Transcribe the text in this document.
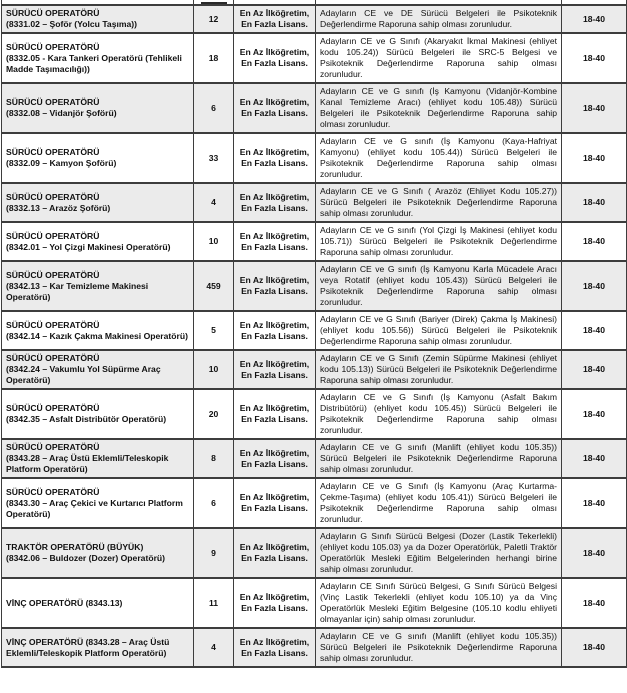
SÜRÜCÜ OPERATÖRÜ
(8331.02 – Şoför (Yolcu Taşıma))	12	En Az İlköğretim, En Fazla Lisans.	Adayların CE ve DE Sürücü Belgeleri ile Psikoteknik Değerlendirme Raporuna sahip olması zorunludur.	18-40

SÜRÜCÜ OPERATÖRÜ
(8332.05 - Kara Tankeri Operatörü (Tehlikeli Madde Taşımacılığı))	18	En Az İlköğretim, En Fazla Lisans.	Adayların CE ve G Sınıfı (Akaryakıt İkmal Makinesi (ehliyet kodu 105.24)) Sürücü Belgeleri ile SRC-5 Belgesi ve Psikoteknik Değerlendirme Raporuna sahip olması zorunludur.	18-40

SÜRÜCÜ OPERATÖRÜ
(8332.08 – Vidanjör Şoförü)	6	En Az İlköğretim, En Fazla Lisans.	Adayların CE ve G sınıfı (İş Kamyonu (Vidanjör-Kombine Kanal Temizleme Aracı) (ehliyet kodu 105.48)) Sürücü Belgeleri ile Psikoteknik Değerlendirme Raporuna sahip olması zorunludur.	18-40

SÜRÜCÜ OPERATÖRÜ
(8332.09 – Kamyon Şoförü)	33	En Az İlköğretim, En Fazla Lisans.	Adayların CE ve G sınıfı (İş Kamyonu (Kaya-Hafriyat Kamyonu) (ehliyet kodu 105.44)) Sürücü Belgeleri ile Psikoteknik Değerlendirme Raporuna sahip olması zorunludur.	18-40

SÜRÜCÜ OPERATÖRÜ
(8332.13 – Arazöz Şoförü)	4	En Az İlköğretim, En Fazla Lisans.	Adayların CE ve G Sınıfı ( Arazöz (Ehliyet Kodu 105.27)) Sürücü Belgeleri ile Psikoteknik Değerlendirme Raporuna sahip olması zorunludur.	18-40

SÜRÜCÜ OPERATÖRÜ
(8342.01 – Yol Çizgi Makinesi Operatörü)	10	En Az İlköğretim, En Fazla Lisans.	Adayların CE ve G sınıfı (Yol Çizgi İş Makinesi (ehliyet kodu 105.71)) Sürücü Belgeleri ile Psikoteknik Değerlendirme Raporuna sahip olması zorunludur.	18-40

SÜRÜCÜ OPERATÖRÜ
(8342.13 – Kar Temizleme Makinesi Operatörü)	459	En Az İlköğretim, En Fazla Lisans.	Adayların CE ve G sınıfı (İş Kamyonu Karla Mücadele Aracı veya Rotatif (ehliyet kodu 105.43)) Sürücü Belgeleri ile Psikoteknik Değerlendirme Raporuna sahip olması zorunludur.	18-40

SÜRÜCÜ OPERATÖRÜ
(8342.14 – Kazık Çakma Makinesi Operatörü)	5	En Az İlköğretim, En Fazla Lisans.	Adayların CE ve G Sınıfı (Bariyer (Direk) Çakma İş Makinesi) (ehliyet kodu 105.56)) Sürücü Belgeleri ile Psikoteknik Değerlendirme Raporuna sahip olması zorunludur.	18-40

SÜRÜCÜ OPERATÖRÜ
(8342.24 – Vakumlu Yol Süpürme Araç Operatörü)	10	En Az İlköğretim, En Fazla Lisans.	Adayların CE ve G Sınıfı (Zemin Süpürme Makinesi (ehliyet kodu 105.13)) Sürücü Belgeleri ile Psikoteknik Değerlendirme Raporuna sahip olması zorunludur.	18-40

SÜRÜCÜ OPERATÖRÜ
(8342.35 – Asfalt Distribütör Operatörü)	20	En Az İlköğretim, En Fazla Lisans.	Adayların CE ve G Sınıfı (İş Kamyonu (Asfalt Bakım Distribütörü) (ehliyet kodu 105.45)) Sürücü Belgeleri ile Psikoteknik Değerlendirme Raporuna sahip olması zorunludur.	18-40

SÜRÜCÜ OPERATÖRÜ
(8343.28 – Araç Üstü Eklemli/Teleskopik Platform Operatörü)	8	En Az İlköğretim, En Fazla Lisans.	Adayların CE ve G sınıfı (Manlift (ehliyet kodu 105.35)) Sürücü Belgeleri ile Psikoteknik Değerlendirme Raporuna sahip olması zorunludur.	18-40

SÜRÜCÜ OPERATÖRÜ
(8343.30 – Araç Çekici ve Kurtarıcı Platform Operatörü)	6	En Az İlköğretim, En Fazla Lisans.	Adayların CE ve G Sınıfı (İş Kamyonu (Araç Kurtarma-Çekme-Taşıma) (ehliyet kodu 105.41)) Sürücü Belgeleri ile Psikoteknik Değerlendirme Raporuna sahip olması zorunludur.	18-40

TRAKTÖR OPERATÖRÜ (BÜYÜK)
(8342.06 – Buldozer (Dozer) Operatörü)	9	En Az İlköğretim, En Fazla Lisans.	Adayların G Sınıfı Sürücü Belgesi (Dozer (Lastik Tekerlekli) (ehliyet kodu 105.03) ya da Dozer Operatörlük, Paletli Traktör Operatörlük Mesleki Eğitim Belgelerinden herhangi birine sahip olması zorunludur.	18-40

VİNÇ OPERATÖRÜ (8343.13)	11	En Az İlköğretim, En Fazla Lisans.	Adayların CE Sınıfı Sürücü Belgesi, G Sınıfı Sürücü Belgesi (Vinç Lastik Tekerlekli (ehliyet kodu 105.10) ya da Vinç Operatörlük Mesleki Eğitim Belgesine (105.10 kodlu ehliyeti olmayanlar için) sahip olması zorunludur.	18-40

VİNÇ OPERATÖRÜ (8343.28 – Araç Üstü Eklemli/Teleskopik Platform Operatörü)	4	En Az İlköğretim, En Fazla Lisans.	Adayların CE ve G sınıfı (Manlift (ehliyet kodu 105.35)) Sürücü Belgeleri ile Psikoteknik Değerlendirme Raporuna sahip olması zorunludur.	18-40
